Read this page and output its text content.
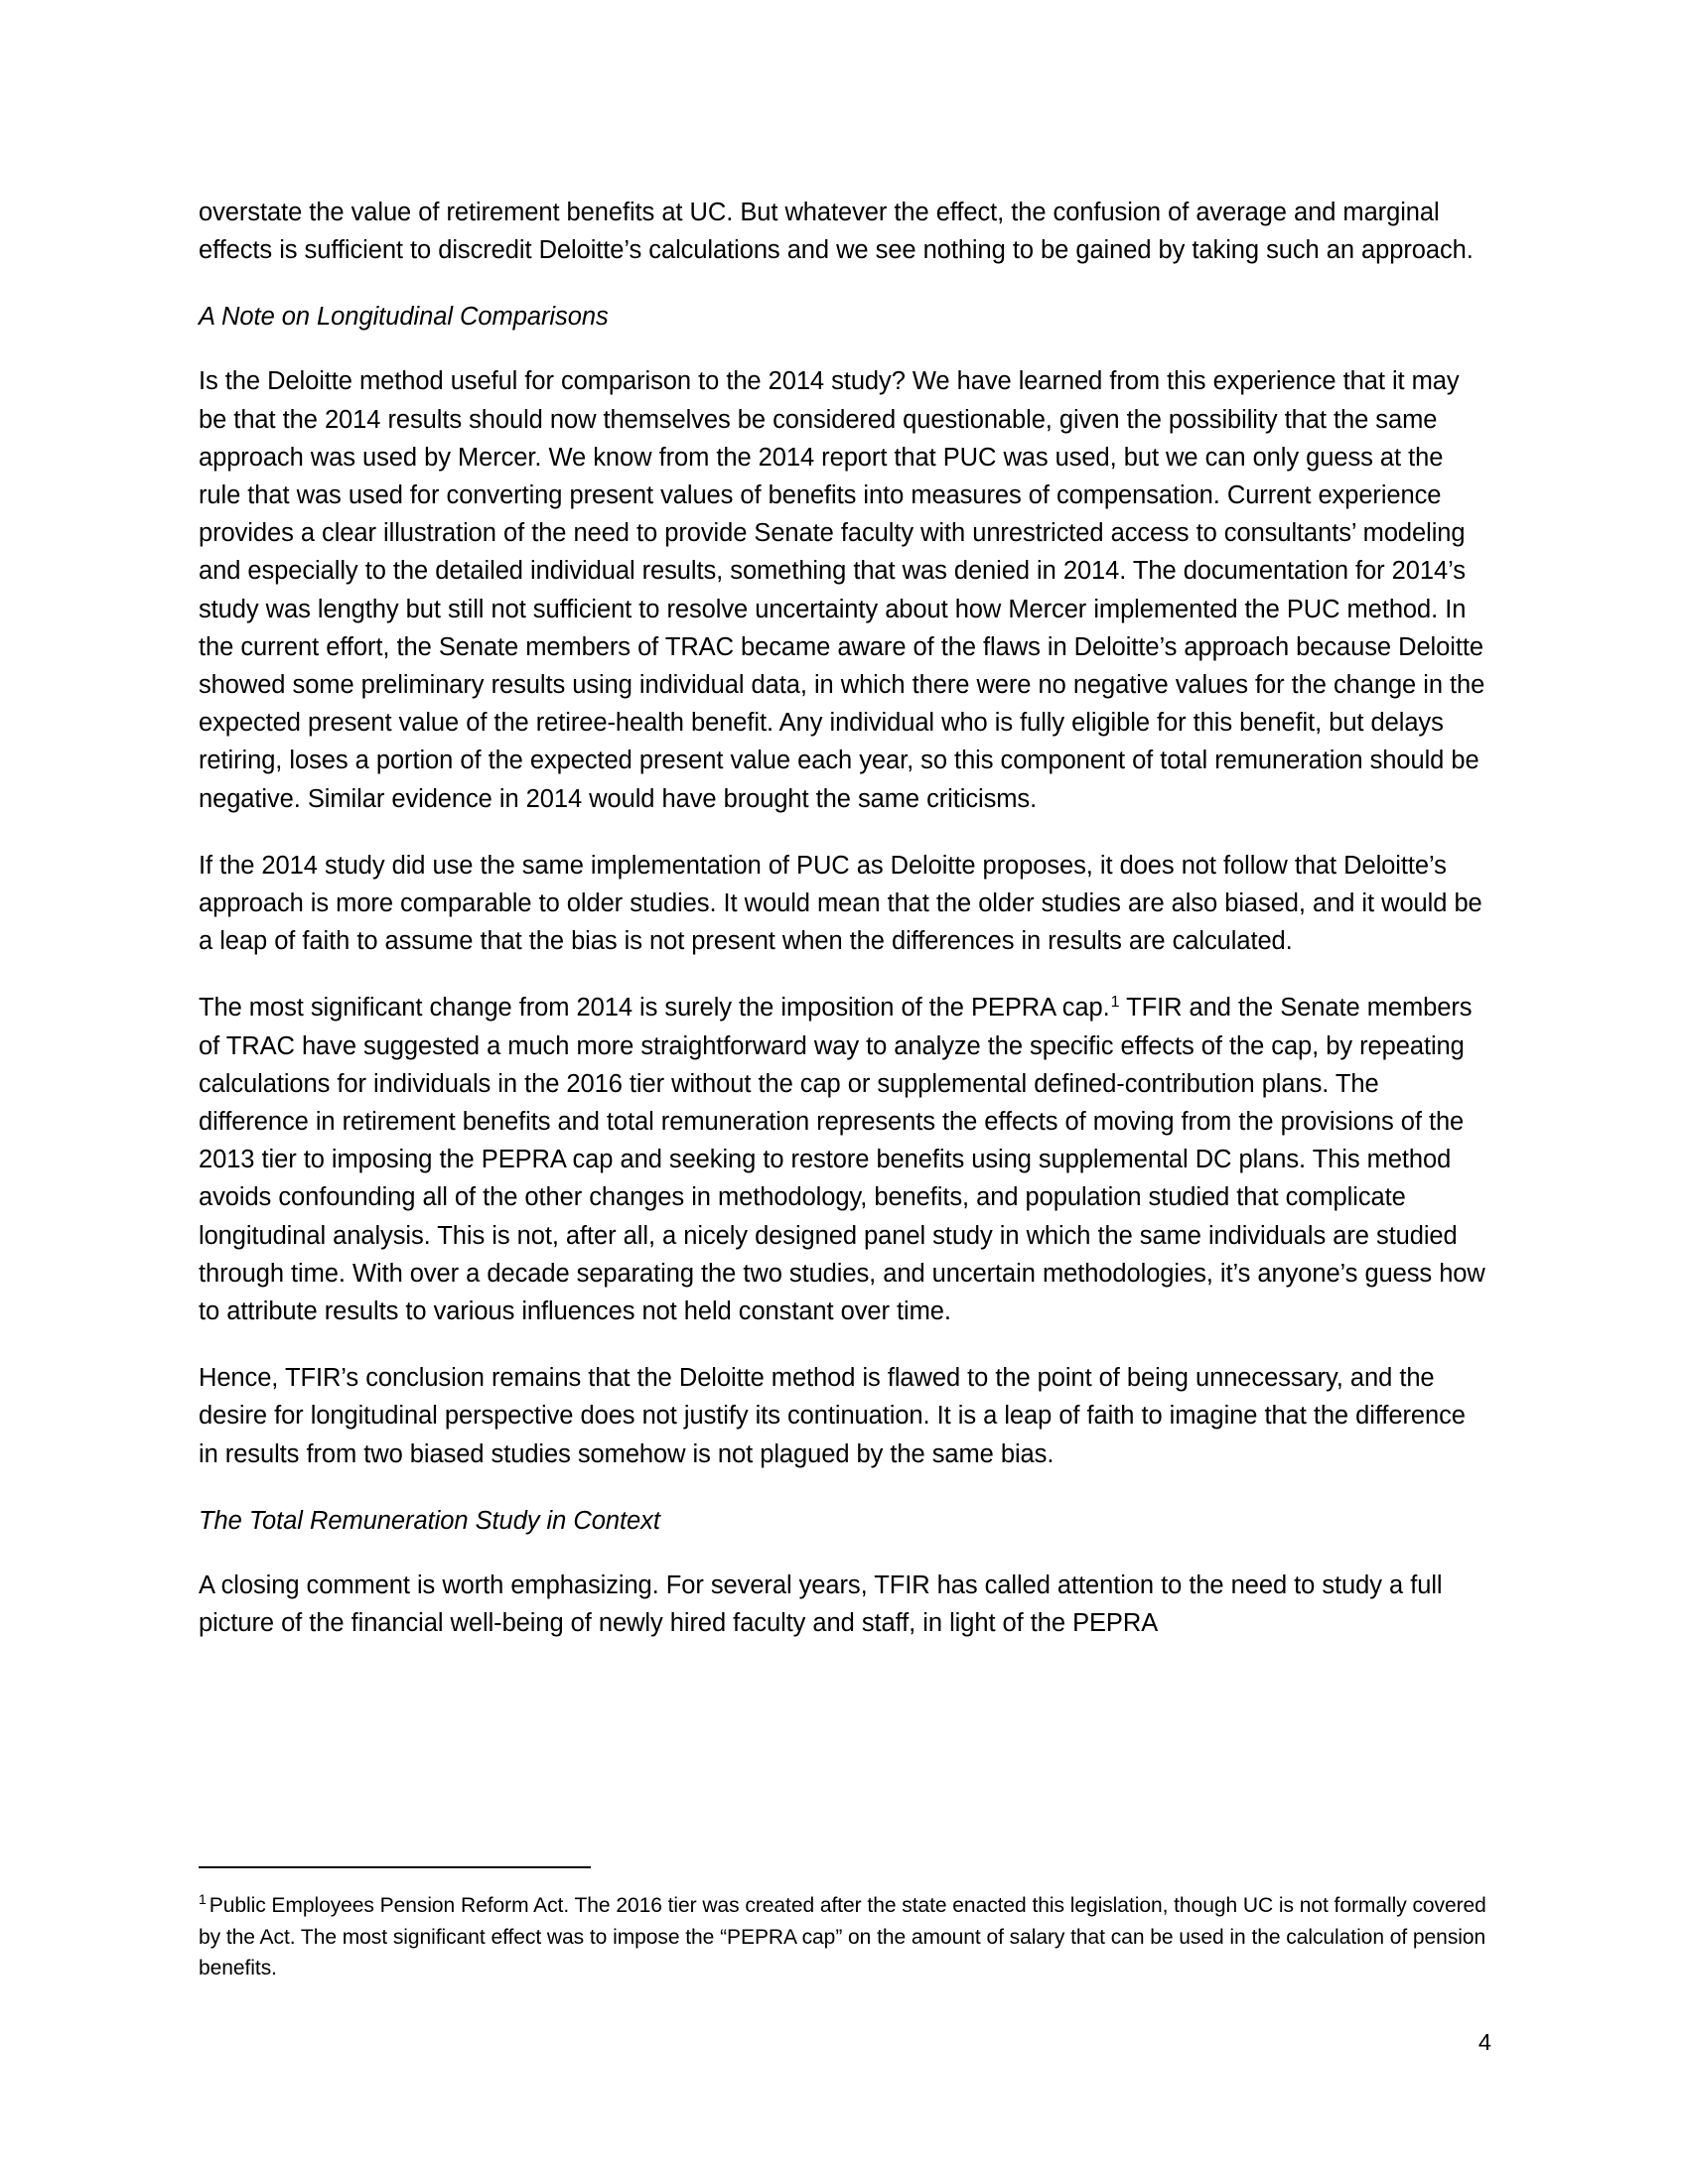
overstate the value of retirement benefits at UC. But whatever the effect, the confusion of average and marginal effects is sufficient to discredit Deloitte’s calculations and we see nothing to be gained by taking such an approach.

A Note on Longitudinal Comparisons

Is the Deloitte method useful for comparison to the 2014 study? We have learned from this experience that it may be that the 2014 results should now themselves be considered questionable, given the possibility that the same approach was used by Mercer. We know from the 2014 report that PUC was used, but we can only guess at the rule that was used for converting present values of benefits into measures of compensation. Current experience provides a clear illustration of the need to provide Senate faculty with unrestricted access to consultants’ modeling and especially to the detailed individual results, something that was denied in 2014. The documentation for 2014’s study was lengthy but still not sufficient to resolve uncertainty about how Mercer implemented the PUC method. In the current effort, the Senate members of TRAC became aware of the flaws in Deloitte’s approach because Deloitte showed some preliminary results using individual data, in which there were no negative values for the change in the expected present value of the retiree-health benefit. Any individual who is fully eligible for this benefit, but delays retiring, loses a portion of the expected present value each year, so this component of total remuneration should be negative. Similar evidence in 2014 would have brought the same criticisms.

If the 2014 study did use the same implementation of PUC as Deloitte proposes, it does not follow that Deloitte’s approach is more comparable to older studies. It would mean that the older studies are also biased, and it would be a leap of faith to assume that the bias is not present when the differences in results are calculated.

The most significant change from 2014 is surely the imposition of the PEPRA cap.$^1$ TFIR and the Senate members of TRAC have suggested a much more straightforward way to analyze the specific effects of the cap, by repeating calculations for individuals in the 2016 tier without the cap or supplemental defined-contribution plans. The difference in retirement benefits and total remuneration represents the effects of moving from the provisions of the 2013 tier to imposing the PEPRA cap and seeking to restore benefits using supplemental DC plans. This method avoids confounding all of the other changes in methodology, benefits, and population studied that complicate longitudinal analysis. This is not, after all, a nicely designed panel study in which the same individuals are studied through time. With over a decade separating the two studies, and uncertain methodologies, it’s anyone’s guess how to attribute results to various influences not held constant over time.

Hence, TFIR’s conclusion remains that the Deloitte method is flawed to the point of being unnecessary, and the desire for longitudinal perspective does not justify its continuation. It is a leap of faith to imagine that the difference in results from two biased studies somehow is not plagued by the same bias.

The Total Remuneration Study in Context

A closing comment is worth emphasizing. For several years, TFIR has called attention to the need to study a full picture of the financial well-being of newly hired faculty and staff, in light of the PEPRA

$^1$ Public Employees Pension Reform Act. The 2016 tier was created after the state enacted this legislation, though UC is not formally covered by the Act. The most significant effect was to impose the “PEPRA cap” on the amount of salary that can be used in the calculation of pension benefits.

4
